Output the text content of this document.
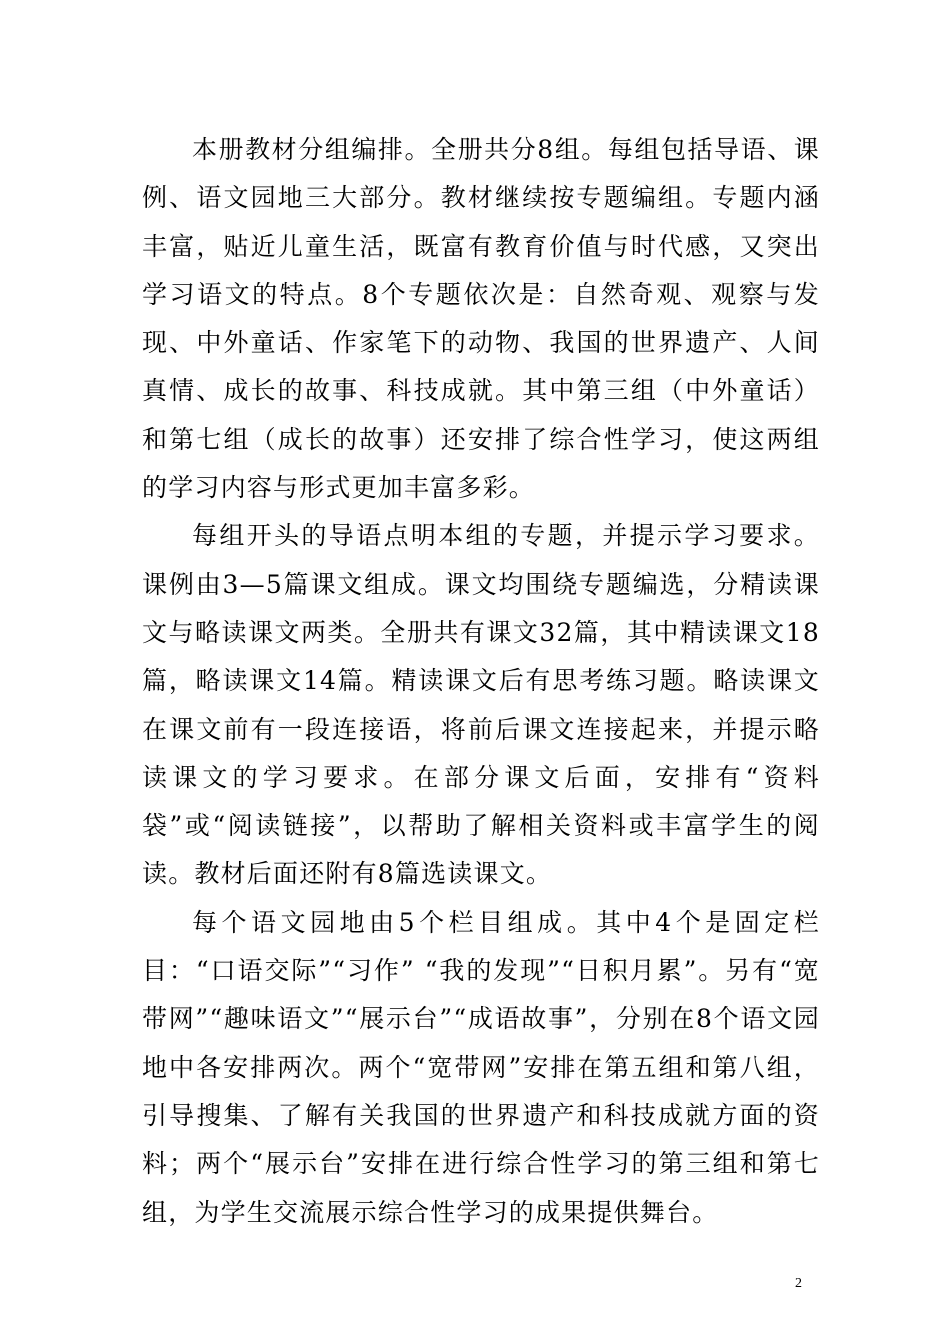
本册教材分组编排。全册共分8组。每组包括导语、课例、语文园地三大部分。教材继续按专题编组。专题内涵丰富，贴近儿童生活，既富有教育价值与时代感，又突出学习语文的特点。8个专题依次是：自然奇观、观察与发现、中外童话、作家笔下的动物、我国的世界遗产、人间真情、成长的故事、科技成就。其中第三组（中外童话）和第七组（成长的故事）还安排了综合性学习，使这两组的学习内容与形式更加丰富多彩。

每组开头的导语点明本组的专题，并提示学习要求。课例由3—5篇课文组成。课文均围绕专题编选，分精读课文与略读课文两类。全册共有课文32篇，其中精读课文18篇，略读课文14篇。精读课文后有思考练习题。略读课文在课文前有一段连接语，将前后课文连接起来，并提示略读课文的学习要求。在部分课文后面，安排有“资料袋”或“阅读链接”，以帮助了解相关资料或丰富学生的阅读。教材后面还附有8篇选读课文。

每个语文园地由5个栏目组成。其中4个是固定栏目：“口语交际”“习作” “我的发现”“日积月累”。另有“宽带网”“趣味语文”“展示台”“成语故事”，分别在8个语文园地中各安排两次。两个“宽带网”安排在第五组和第八组，引导搜集、了解有关我国的世界遗产和科技成就方面的资料；两个“展示台”安排在进行综合性学习的第三组和第七组，为学生交流展示综合性学习的成果提供舞台。

2
